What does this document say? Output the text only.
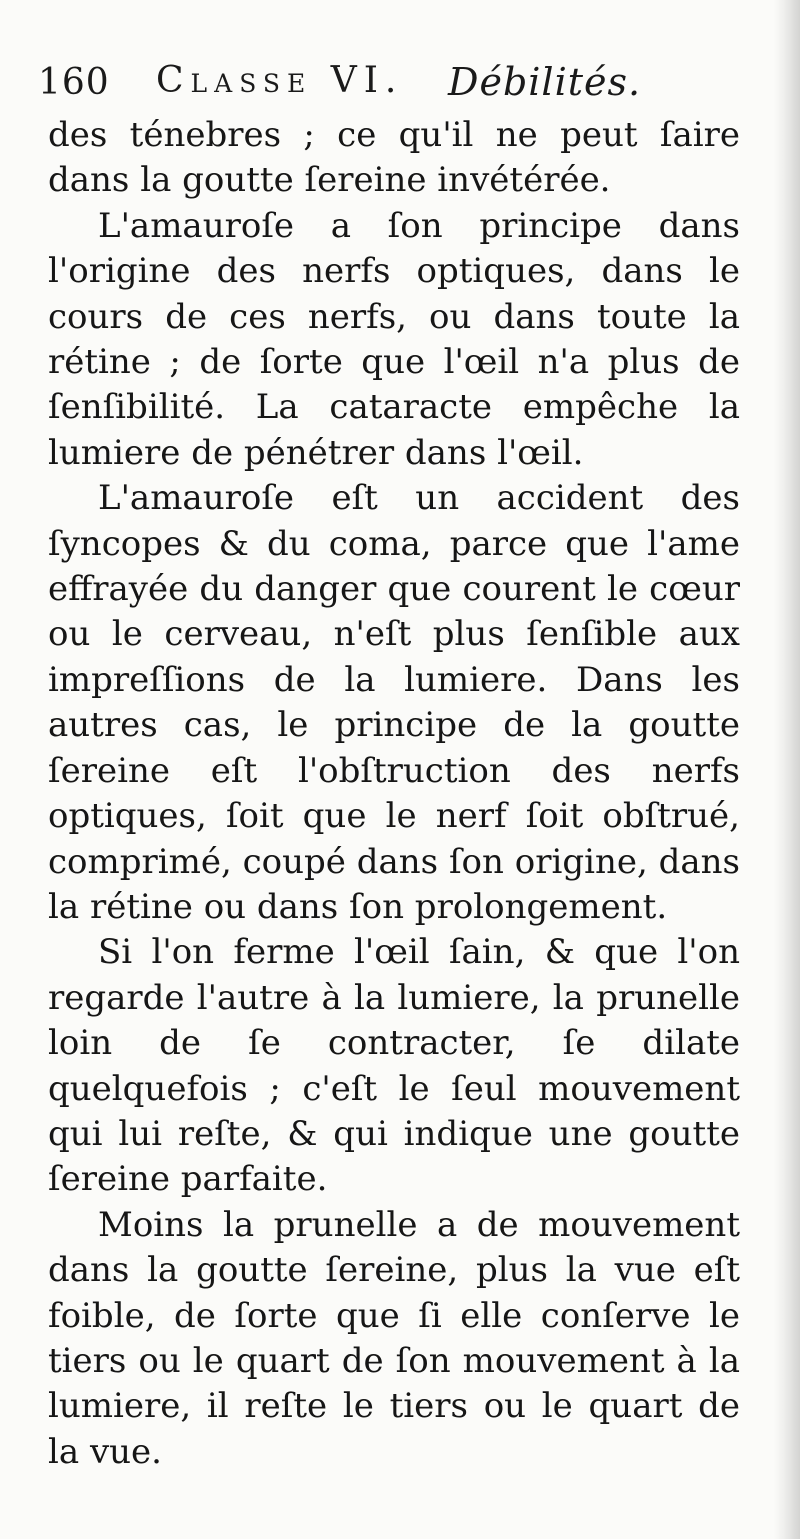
160 Classe VI. Débilités.

des ténebres ; ce qu'il ne peut ſaire dans la goutte ſereine invétérée.

L'amauroſe a ſon principe dans l'origine des nerfs optiques, dans le cours de ces nerfs, ou dans toute la rétine ; de ſorte que l'œil n'a plus de ſenſibilité. La cataracte empêche la lumiere de pénétrer dans l'œil.

L'amauroſe eſt un accident des ſyncopes & du coma, parce que l'ame effrayée du danger que courent le cœur ou le cerveau, n'eſt plus ſenſible aux impreſſions de la lumiere. Dans les autres cas, le principe de la goutte ſereine eſt l'obſtruction des nerfs optiques, ſoit que le nerf ſoit obſtrué, comprimé, coupé dans ſon origine, dans la rétine ou dans ſon prolongement.

Si l'on ferme l'œil ſain, & que l'on regarde l'autre à la lumiere, la prunelle loin de ſe contracter, ſe dilate quelquefois ; c'eſt le ſeul mouvement qui lui reſte, & qui indique une goutte ſereine parfaite.

Moins la prunelle a de mouvement dans la goutte ſereine, plus la vue eſt foible, de ſorte que ſi elle conſerve le tiers ou le quart de ſon mouvement à la lumiere, il reſte le tiers ou le quart de la vue.
